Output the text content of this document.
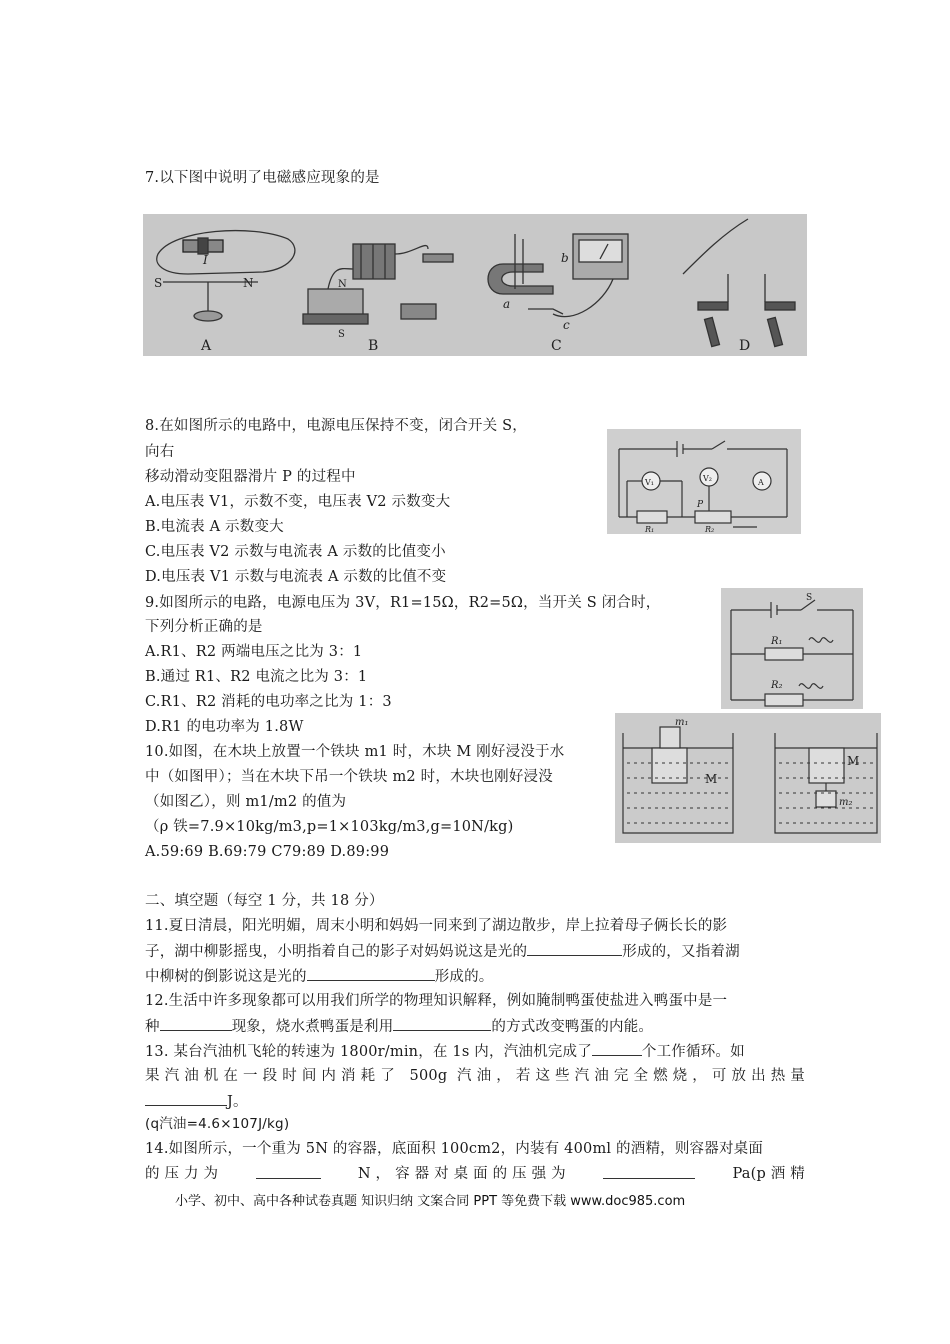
7.以下图中说明了电磁感应现象的是
S	N
I
A
S
N
B
b
a
c
C	D
8.在如图所示的电路中，电源电压保持不变，闭合开关 S，
向右
移动滑动变阻器滑片 P 的过程中
A.电压表 V1，示数不变，电压表 V2 示数变大
B.电流表 A 示数变大
C.电压表 V2 示数与电流表 A 示数的比值变小
D.电压表 V1 示数与电流表 A 示数的比值不变
V₁	V₂	A
P
R₁	R₂
9.如图所示的电路，电源电压为 3V，R1=15Ω，R2=5Ω，当开关 S 闭合时，
下列分析正确的是
A.R1、R2 两端电压之比为 3：1
B.通过 R1、R2 电流之比为 3：1
C.R1、R2 消耗的电功率之比为 1：3
D.R1 的电功率为 1.8W
S
R₁
R₂
10.如图，在木块上放置一个铁块 m1 时，木块 M 刚好浸没于水
中（如图甲）；当在木块下吊一个铁块 m2 时，木块也刚好浸没
（如图乙），则 m1/m2 的值为
（ρ 铁=7.9×10kg/m3,p=1×103kg/m3,g=10N/kg)
A.59:69 B.69:79 C79:89 D.89:99
m₁
M
M
m₂
二、填空题（每空 1 分，共 18 分）
11.夏日清晨，阳光明媚，周末小明和妈妈一同来到了湖边散步，岸上拉着母子俩长长的影
子，湖中柳影摇曳，小明指着自己的影子对妈妈说这是光的	形成的，又指着湖
中柳树的倒影说这是光的	形成的。
12.生活中许多现象都可以用我们所学的物理知识解释，例如腌制鸭蛋使盐进入鸭蛋中是一
种	现象，烧水煮鸭蛋是利用	的方式改变鸭蛋的内能。
13. 某台汽油机飞轮的转速为 1800r/min，在 1s 内，汽油机完成了	个工作循环。如
果汽油机在一段时间内消耗了 500g 汽油，若这些汽油完全燃烧，可放出热量
J。
(q汽油=4.6×107J/kg)
14.如图所示，一个重为 5N 的容器，底面积 100cm2，内装有 400ml 的酒精，则容器对桌面
的 压 力 为	N ， 容 器 对 桌 面 的 压 强 为	Pa(p 酒 精
小学、初中、高中各种试卷真题 知识归纳 文案合同 PPT 等免费下载 www.doc985.com
